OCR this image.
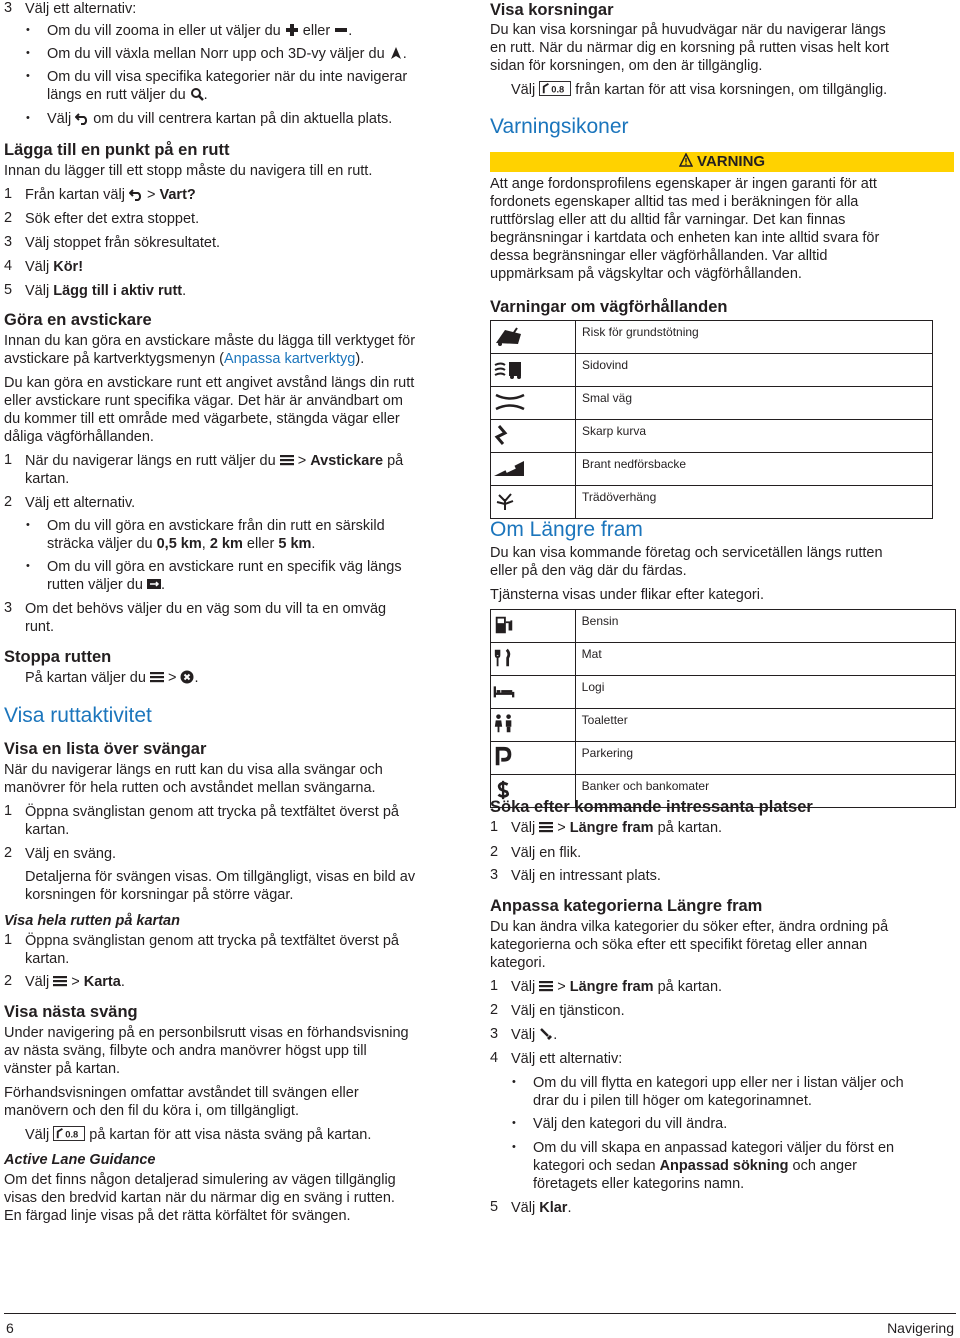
3 Välj ett alternativ:
• Om du vill zooma in eller ut väljer du eller .
• Om du vill växla mellan Norr upp och 3D-vy väljer du .
• Om du vill visa specifika kategorier när du inte navigerar
längs en rutt väljer du .
• Välj om du vill centrera kartan på din aktuella plats.
Lägga till en punkt på en rutt

Innan du lägger till ett stopp måste du navigera till en rutt.

1 Från kartan välj  > Vart?
2 Sök efter det extra stoppet.
3 Välj stoppet från sökresultatet.
4 Välj Kör!
5 Välj Lägg till i aktiv rutt.
Göra en avstickare

Innan du kan göra en avstickare måste du lägga till verktyget för

avstickare på kartverktygsmenyn (Anpassa kartverktyg).

Du kan göra en avstickare runt ett angivet avstånd längs din rutt

eller avstickare runt specifika vägar. Det här är användbart om

du kommer till ett område med vägarbete, stängda vägar eller

dåliga vägförhållanden.

1 När du navigerar längs en rutt väljer du  > Avstickare på
kartan.
2 Välj ett alternativ.
• Om du vill göra en avstickare från din rutt en särskild
sträcka väljer du 0,5 km, 2 km eller 5 km.
• Om du vill göra en avstickare runt en specifik väg längs
rutten väljer du .
3 Om det behövs väljer du en väg som du vill ta en omväg
runt.
Stoppa rutten

På kartan väljer du  > .

Visa ruttaktivitet
Visa en lista över svängar

När du navigerar längs en rutt kan du visa alla svängar och

manövrer för hela rutten och avståndet mellan svängarna.

1 Öppna svänglistan genom att trycka på textfältet överst på
kartan.
2 Välj en sväng.
Detaljerna för svängen visas. Om tillgängligt, visas en bild av
korsningen för korsningar på större vägar.
Visa hela rutten på kartan
1 Öppna svänglistan genom att trycka på textfältet överst på
kartan.
2 Välj  > Karta.
Visa nästa sväng

Under navigering på en personbilsrutt visas en förhandsvisning

av nästa sväng, filbyte och andra manövrer högst upp till

vänster på kartan.

Förhandsvisningen omfattar avståndet till svängen eller

manövern och den fil du köra i, om tillgängligt.

Välj 0.8 på kartan för att visa nästa sväng på kartan.

Active Lane Guidance

Om det finns någon detaljerad simulering av vägen tillgänglig

visas den bredvid kartan när du närmar dig en sväng i rutten.

En färgad linje visas på det rätta körfältet för svängen.

Visa korsningar

Du kan visa korsningar på huvudvägar när du navigerar längs

en rutt. När du närmar dig en korsning på rutten visas helt kort

sidan för korsningen, om den är tillgänglig.

Välj 0.8 från kartan för att visa korsningen, om tillgänglig.

Varningsikoner
VARNING

Att ange fordonsprofilens egenskaper är ingen garanti för att

fordonets egenskaper alltid tas med i beräkningen för alla

ruttförslag eller att du alltid får varningar. Det kan finnas

begränsningar i kartdata och enheten kan inte alltid svara för

dessa begränsningar eller vägförhållanden. Var alltid

uppmärksam på vägskyltar och vägförhållanden.

Varningar om vägförhållanden
	Risk för grundstötning
	Sidovind
	Smal väg
	Skarp kurva
	Brant nedförsbacke
	Trädöverhäng
Om Längre fram

Du kan visa kommande företag och servicetällen längs rutten

eller på den väg där du färdas.

Tjänsterna visas under flikar efter kategori.

	Bensin
	Mat
	Logi
	Toaletter
	Parkering
	Banker och bankomater
Söka efter kommande intressanta platser
1 Välj  > Längre fram på kartan.
2 Välj en flik.
3 Välj en intressant plats.
Anpassa kategorierna Längre fram

Du kan ändra vilka kategorier du söker efter, ändra ordning på

kategorierna och söka efter ett specifikt företag eller annan

kategori.

1 Välj  > Längre fram på kartan.
2 Välj en tjänsticon.
3 Välj .
4 Välj ett alternativ:
• Om du vill flytta en kategori upp eller ner i listan väljer och
drar du i pilen till höger om kategorinamnet.
• Välj den kategori du vill ändra.
• Om du vill skapa en anpassad kategori väljer du först en
kategori och sedan Anpassad sökning och anger
företagets eller kategorins namn.
5 Välj Klar.
6	Navigering
